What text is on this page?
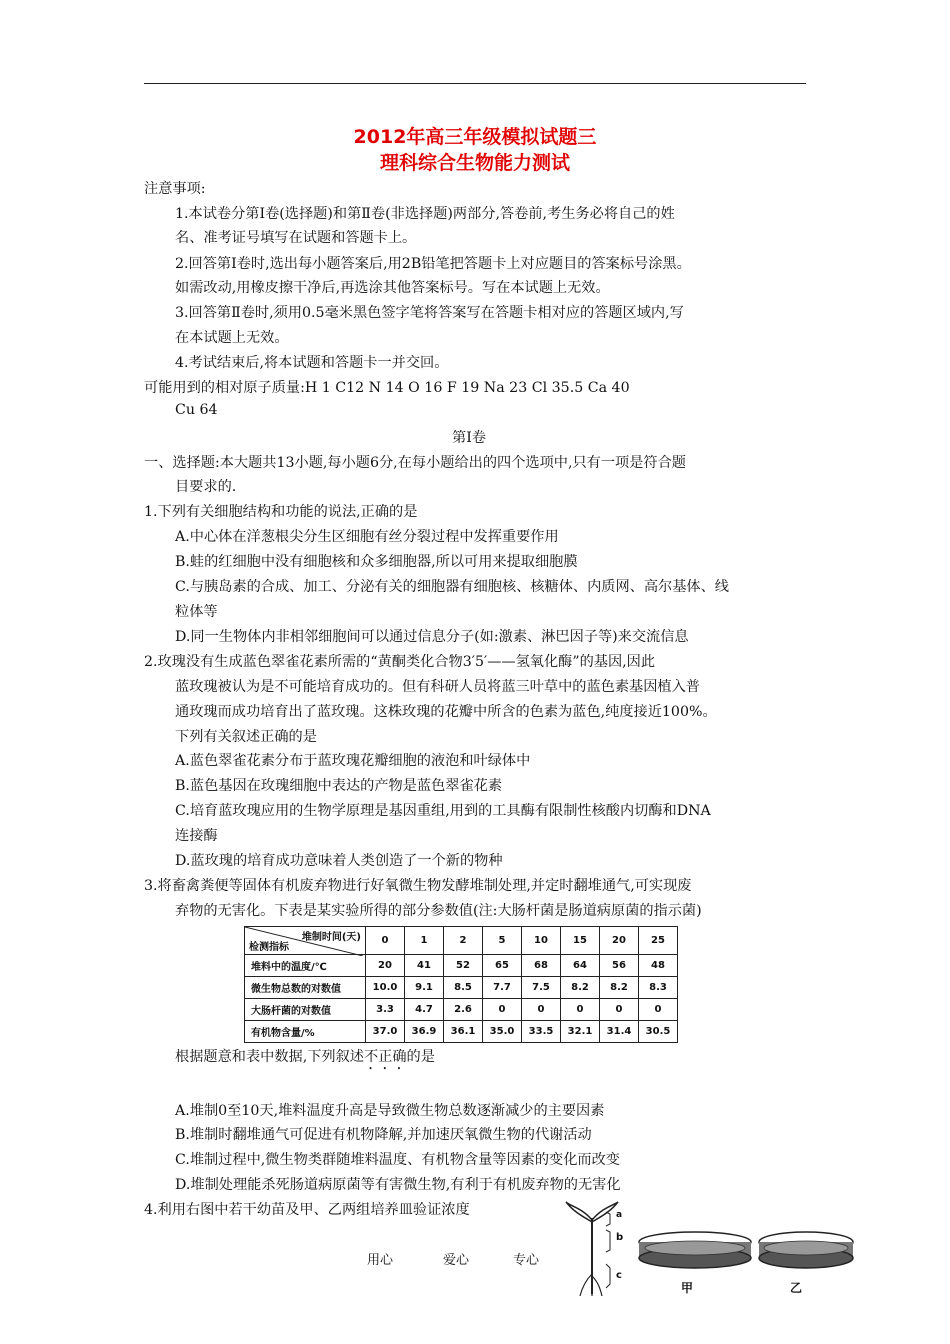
2012年高三年级模拟试题三
理科综合生物能力测试
注意事项:
1.本试卷分第Ⅰ卷(选择题)和第Ⅱ卷(非选择题)两部分,答卷前,考生务必将自己的姓
名、准考证号填写在试题和答题卡上。
2.回答第Ⅰ卷时,选出每小题答案后,用2B铅笔把答题卡上对应题目的答案标号涂黑。
如需改动,用橡皮擦干净后,再选涂其他答案标号。写在本试题上无效。
3.回答第Ⅱ卷时,须用0.5毫米黑色签字笔将答案写在答题卡相对应的答题区域内,写
在本试题上无效。
4.考试结束后,将本试题和答题卡一并交回。
可能用到的相对原子质量:H 1 C12 N 14 O 16 F 19 Na 23 Cl 35.5 Ca 40
Cu 64
第Ⅰ卷
一、选择题:本大题共13小题,每小题6分,在每小题给出的四个选项中,只有一项是符合题
目要求的.
1.下列有关细胞结构和功能的说法,正确的是
A.中心体在洋葱根尖分生区细胞有丝分裂过程中发挥重要作用
B.蛙的红细胞中没有细胞核和众多细胞器,所以可用来提取细胞膜
C.与胰岛素的合成、加工、分泌有关的细胞器有细胞核、核糖体、内质网、高尔基体、线
粒体等
D.同一生物体内非相邻细胞间可以通过信息分子(如:激素、淋巴因子等)来交流信息
2.玫瑰没有生成蓝色翠雀花素所需的“黄酮类化合物3′5′——氢氧化酶”的基因,因此
蓝玫瑰被认为是不可能培育成功的。但有科研人员将蓝三叶草中的蓝色素基因植入普
通玫瑰而成功培育出了蓝玫瑰。这株玫瑰的花瓣中所含的色素为蓝色,纯度接近100%。
下列有关叙述正确的是
A.蓝色翠雀花素分布于蓝玫瑰花瓣细胞的液泡和叶绿体中
B.蓝色基因在玫瑰细胞中表达的产物是蓝色翠雀花素
C.培育蓝玫瑰应用的生物学原理是基因重组,用到的工具酶有限制性核酸内切酶和DNA
连接酶
D.蓝玫瑰的培育成功意味着人类创造了一个新的物种
3.将畜禽粪便等固体有机废弃物进行好氧微生物发酵堆制处理,并定时翻堆通气,可实现废
弃物的无害化。下表是某实验所得的部分参数值(注:大肠杆菌是肠道病原菌的指示菌)
堆制时间(天)
检测指标	0	1	2	5	10	15	20	25
堆料中的温度/℃	20	41	52	65	68	64	56	48
微生物总数的对数值	10.0	9.1	8.5	7.7	7.5	8.2	8.2	8.3
大肠杆菌的对数值	3.3	4.7	2.6	0	0	0	0	0
有机物含量/%	37.0	36.9	36.1	35.0	33.5	32.1	31.4	30.5
根据题意和表中数据,下列叙述不正确的是
A.堆制0至10天,堆料温度升高是导致微生物总数逐渐减少的主要因素
B.堆制时翻堆通气可促进有机物降解,并加速厌氧微生物的代谢活动
C.堆制过程中,微生物类群随堆料温度、有机物含量等因素的变化而改变
D.堆制处理能杀死肠道病原菌等有害微生物,有利于有机废弃物的无害化
4.利用右图中若干幼苗及甲、乙两组培养皿验证浓度	a
b
c
甲	乙
用心	爱心	专心
